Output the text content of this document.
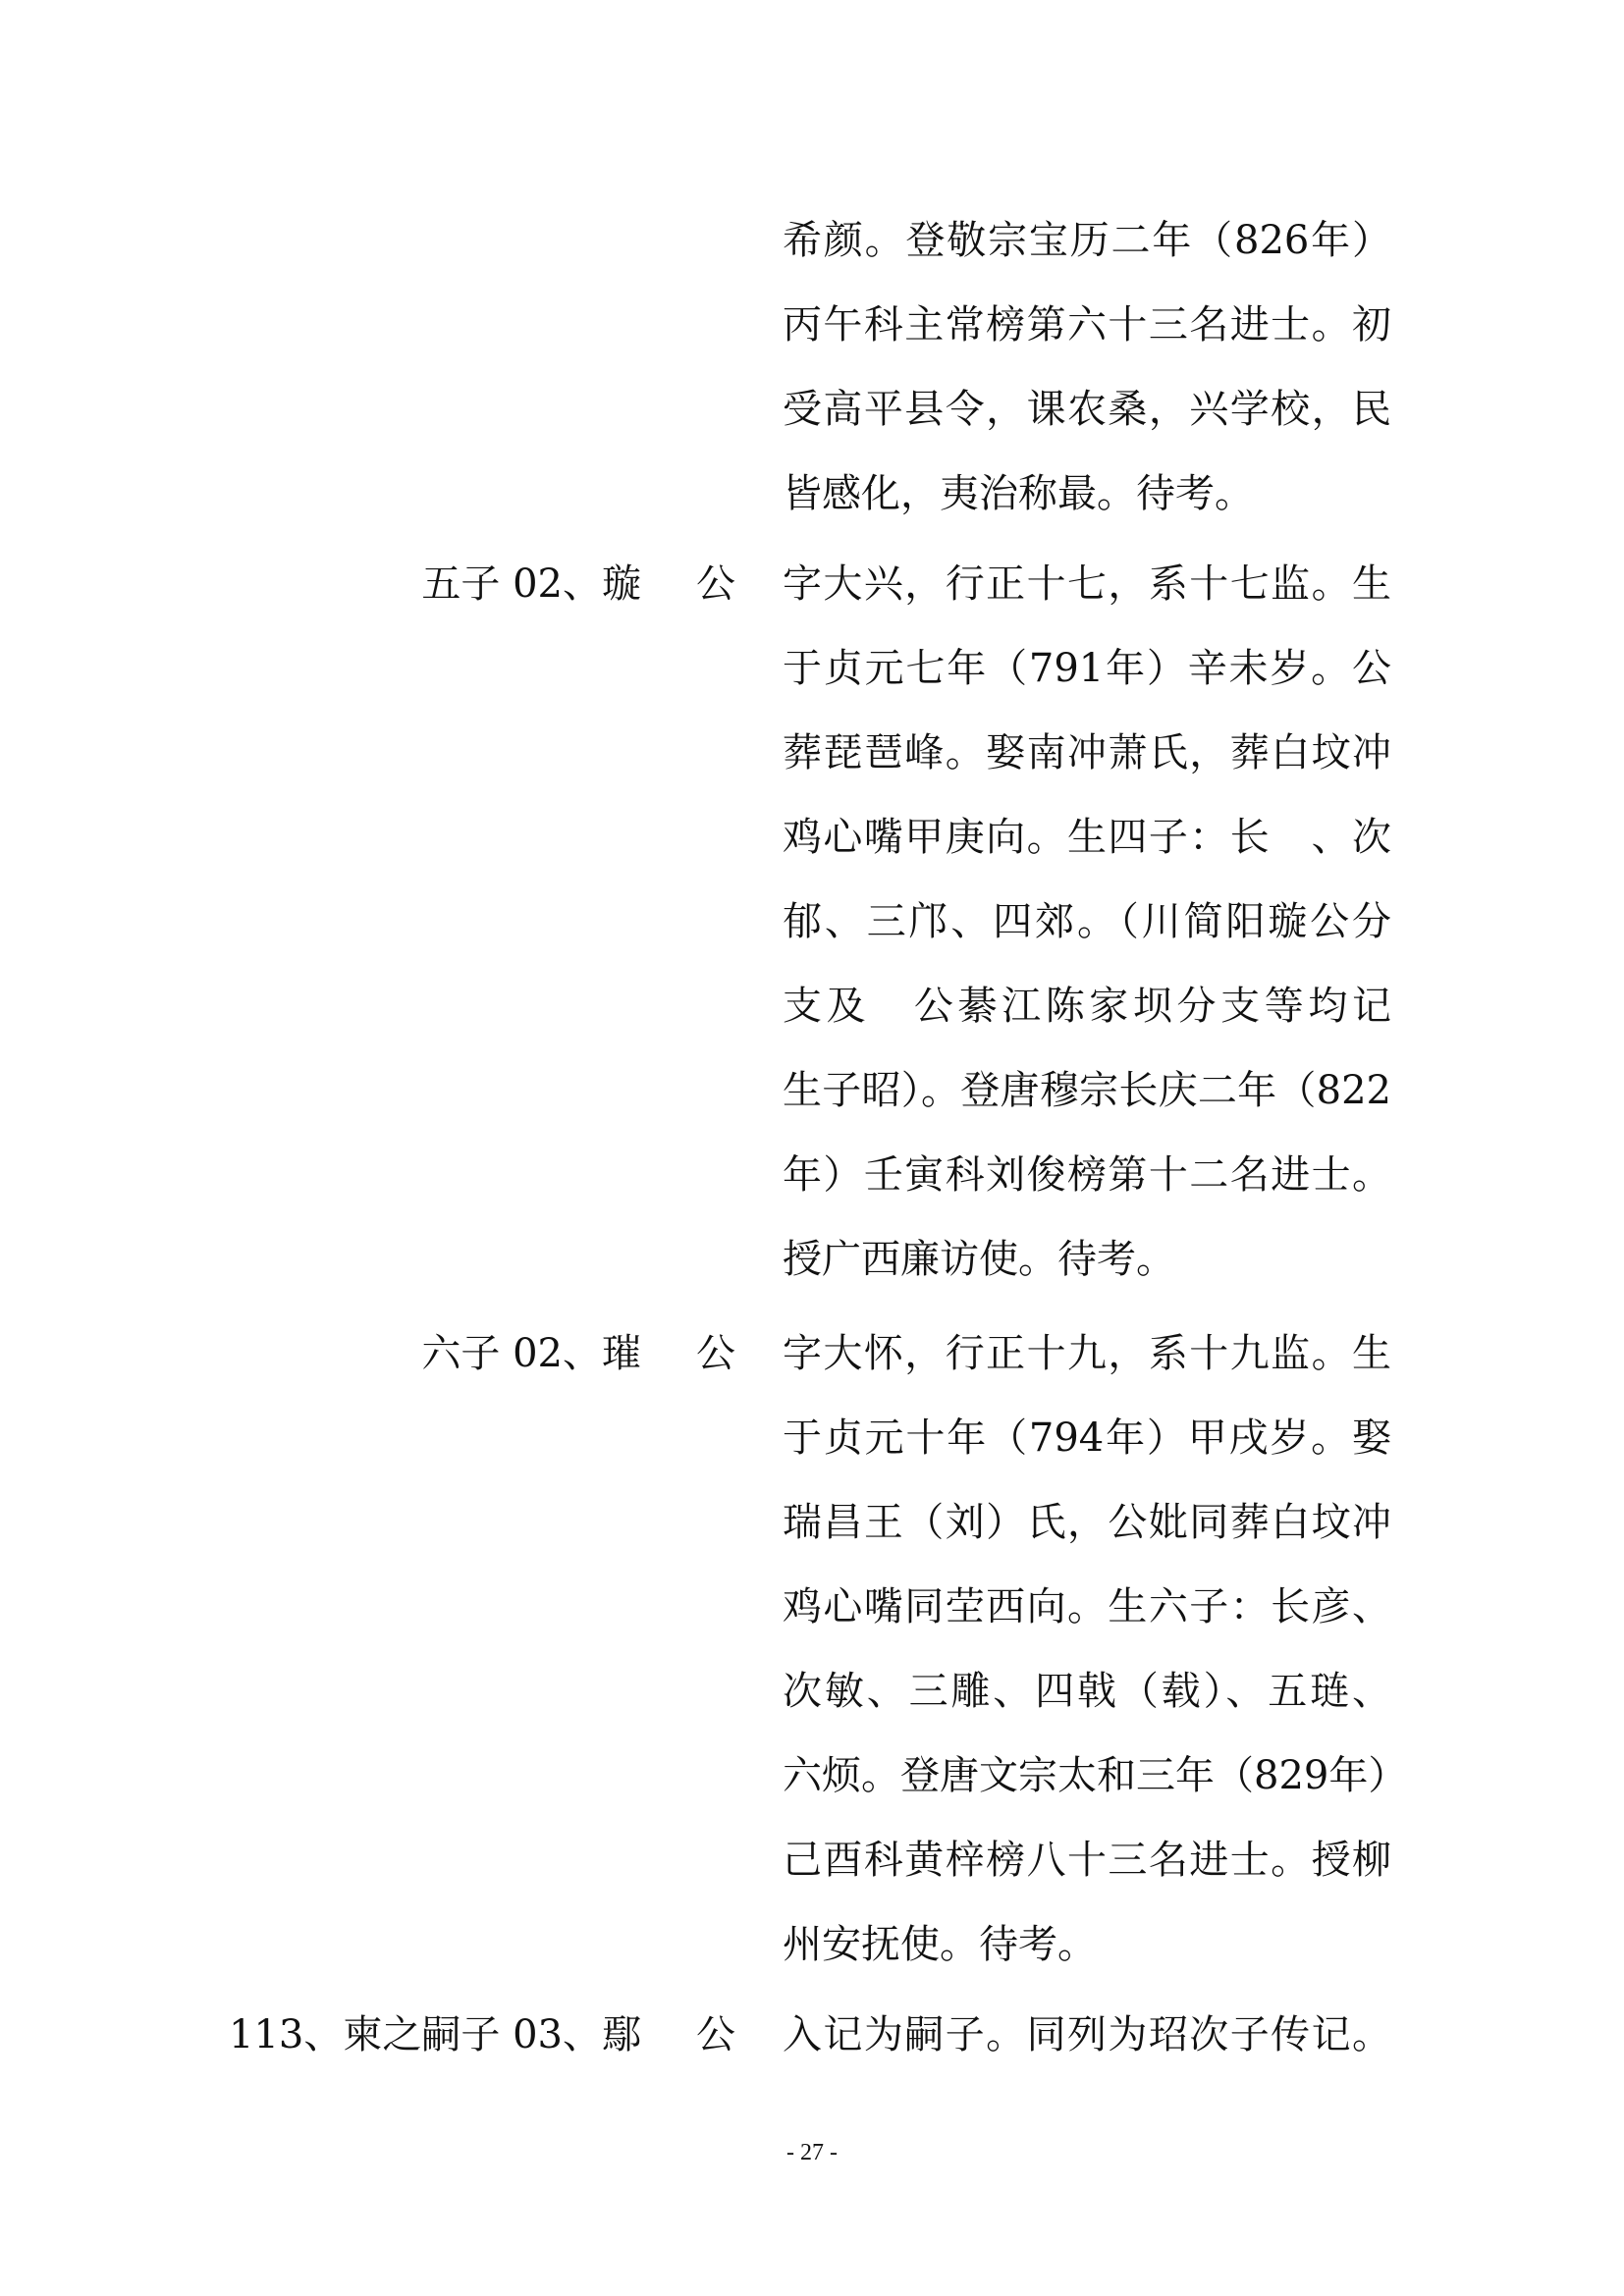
希颜。登敬宗宝历二年（826年）
丙午科主常榜第六十三名进士。初
受高平县令，课农桑，兴学校，民
皆感化，夷治称最。待考。
五子 02、璇 公 字大兴，行正十七，系十七监。生
于贞元七年（791年）辛未岁。公
葬琵琶峰。娶南冲萧氏，葬白坟冲
鸡心嘴甲庚向。生四子：长　、次
郁、三邝、四郊。（川简阳璇公分
支及　公綦江陈家坝分支等均记
生子昭）。登唐穆宗长庆二年（822
年）壬寅科刘俊榜第十二名进士。
授广西廉访使。待考。
六子 02、璀 公 字大怀，行正十九，系十九监。生
于贞元十年（794年）甲戌岁。娶
瑞昌王（刘）氏，公妣同葬白坟冲
鸡心嘴同茔西向。生六子：长彦、
次敏、三雕、四戟（载）、五琏、
六烦。登唐文宗太和三年（829年）
己酉科黄梓榜八十三名进士。授柳
州安抚使。待考。
113、柬之嗣子 03、鄢 公 入记为嗣子。同列为玿次子传记。
- 27 -
